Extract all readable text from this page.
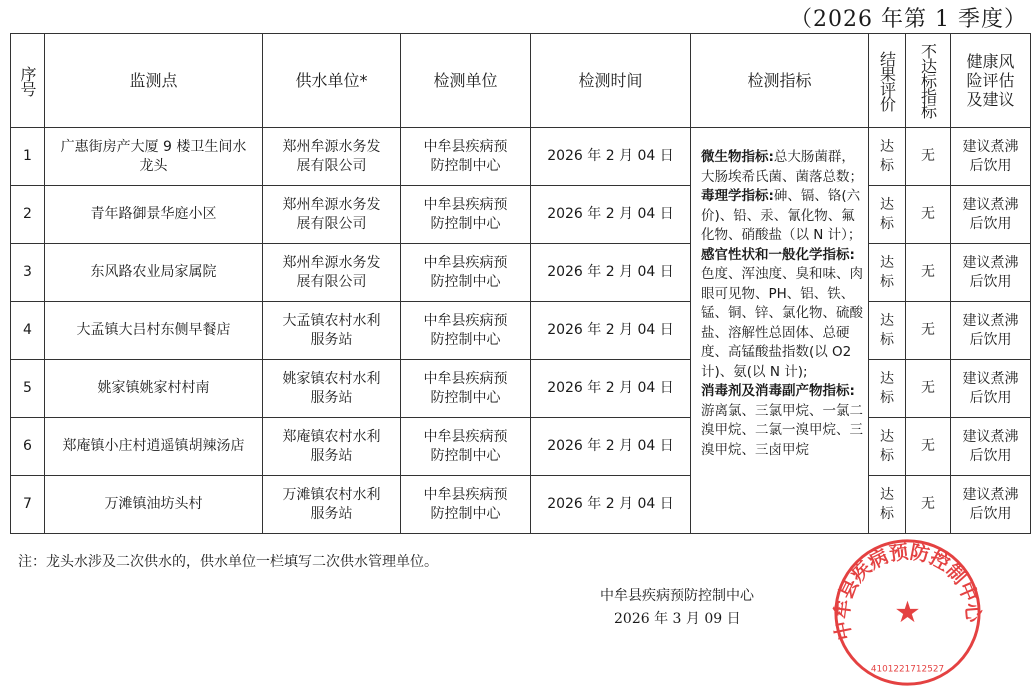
（2026 年第 1 季度）
序号	监测点	供水单位*	检测单位	检测时间	检测指标	结果评价	不达标指标	健康风险评估及建议
1	广惠街房产大厦 9 楼卫生间水龙头	郑州牟源水务发展有限公司	中牟县疾病预防控制中心	2026 年 2 月 04 日	微生物指标:总大肠菌群，大肠埃希氏菌、菌落总数；
毒理学指标:砷、镉、铬(六价)、铅、汞、氰化物、氟化物、硝酸盐（以 N 计）；
感官性状和一般化学指标:色度、浑浊度、臭和味、肉眼可见物、PH、铝、铁、锰、铜、锌、氯化物、硫酸盐、溶解性总固体、总硬度、高锰酸盐指数(以 O2计)、氨(以 N 计);
消毒剂及消毒副产物指标:游离氯、三氯甲烷、一氯二溴甲烷、二氯一溴甲烷、三溴甲烷、三卤甲烷	达标	无	建议煮沸后饮用
2	青年路御景华庭小区	郑州牟源水务发展有限公司	中牟县疾病预防控制中心	2026 年 2 月 04 日		达标	无	建议煮沸后饮用
3	东风路农业局家属院	郑州牟源水务发展有限公司	中牟县疾病预防控制中心	2026 年 2 月 04 日		达标	无	建议煮沸后饮用
4	大孟镇大吕村东侧早餐店	大孟镇农村水利服务站	中牟县疾病预防控制中心	2026 年 2 月 04 日		达标	无	建议煮沸后饮用
5	姚家镇姚家村村南	姚家镇农村水利服务站	中牟县疾病预防控制中心	2026 年 2 月 04 日		达标	无	建议煮沸后饮用
6	郑庵镇小庄村逍遥镇胡辣汤店	郑庵镇农村水利服务站	中牟县疾病预防控制中心	2026 年 2 月 04 日		达标	无	建议煮沸后饮用
7	万滩镇油坊头村	万滩镇农村水利服务站	中牟县疾病预防控制中心	2026 年 2 月 04 日		达标	无	建议煮沸后饮用
注：龙头水涉及二次供水的，供水单位一栏填写二次供水管理单位。
中牟县疾病预防控制中心
2026 年 3 月 09 日	中牟县疾病预防控制中心
★
4101221712527
